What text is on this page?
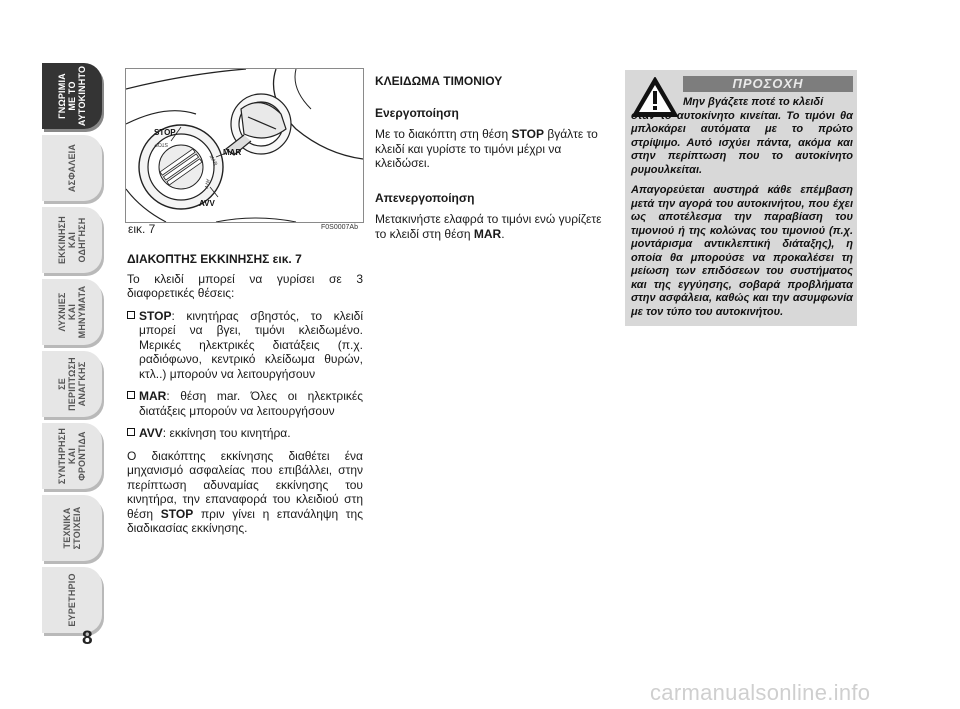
ΓΝΩΡΙΜΙΑ
ΜΕ ΤΟ
ΑΥΤΟΚΙΝΗΤΟ
ΑΣΦΑΛΕΙΑ
ΕΚΚΙΝΗΣΗ
ΚΑΙ
ΟΔΗΓΗΣΗ
ΛΥΧΝΙΕΣ
ΚΑΙ
ΜΗΝΥΜΑΤΑ
ΣΕ
ΠΕΡΙΠΤΩΣΗ
ΑΝΑΓΚΗΣ
ΣΥΝΤΗΡΗΣΗ
ΚΑΙ
ΦΡΟΝΤΙΔΑ
ΤΕΧΝΙΚΑ
ΣΤΟΙΧΕΙΑ
ΕΥΡΕΤΗΡΙΟ
8
STOP
MAR
AVV
STOP
MAR
AVV
εικ. 7	F0S0007Ab
ΔΙΑΚΟΠΤΗΣ ΕΚΚΙΝΗΣΗΣ εικ. 7

Το κλειδί μπορεί να γυρίσει σε 3 διαφορετικές θέσεις:

STOP: κινητήρας σβηστός, το κλειδί μπορεί να βγει, τιμόνι κλειδωμένο. Μερικές ηλεκτρικές διατάξεις (π.χ. ραδιόφωνο, κεντρικό κλείδωμα θυρών, κτλ..) μπορούν να λειτουργήσουν
MAR: θέση mar. Όλες οι ηλεκτρικές διατάξεις μπορούν να λειτουργήσουν
AVV: εκκίνηση του κινητήρα.

Ο διακόπτης εκκίνησης διαθέτει ένα μηχανισμό ασφαλείας που επιβάλλει, στην περίπτωση αδυναμίας εκκίνησης του κινητήρα, την επαναφορά του κλειδιού στη θέση STOP πριν γίνει η επανάληψη της διαδικασίας εκκίνησης.

ΚΛΕΙΔΩΜΑ ΤΙΜΟΝΙΟΥ
Ενεργοποίηση

Με το διακόπτη στη θέση STOP βγάλτε το κλειδί και γυρίστε το τιμόνι μέχρι να κλειδώσει.

Απενεργοποίηση

Μετακινήστε ελαφρά το τιμόνι ενώ γυρίζετε το κλειδί στη θέση MAR.

ΠΡΟΣΟΧΗ

Μην βγάζετε ποτέ το κλειδί
όταν το αυτοκίνητο κινείται. Το τιμόνι θα μπλοκάρει αυτόματα με το πρώτο στρίψιμο. Αυτό ισχύει πάντα, ακόμα και στην περίπτωση που το αυτοκίνητο ρυμουλκείται.

Απαγορεύεται αυστηρά κάθε επέμβαση μετά την αγορά του αυτοκινήτου, που έχει ως αποτέλεσμα την παραβίαση του τιμονιού ή της κολώνας του τιμονιού (π.χ. μοντάρισμα αντικλεπτική διάταξης), η οποία θα μπορούσε να προκαλέσει τη μείωση των επιδόσεων του συστήματος και της εγγύησης, σοβαρά προβλήματα στην ασφάλεια, καθώς και την ασυμφωνία με τον τύπο του αυτοκινήτου.

carmanualsonline.info
